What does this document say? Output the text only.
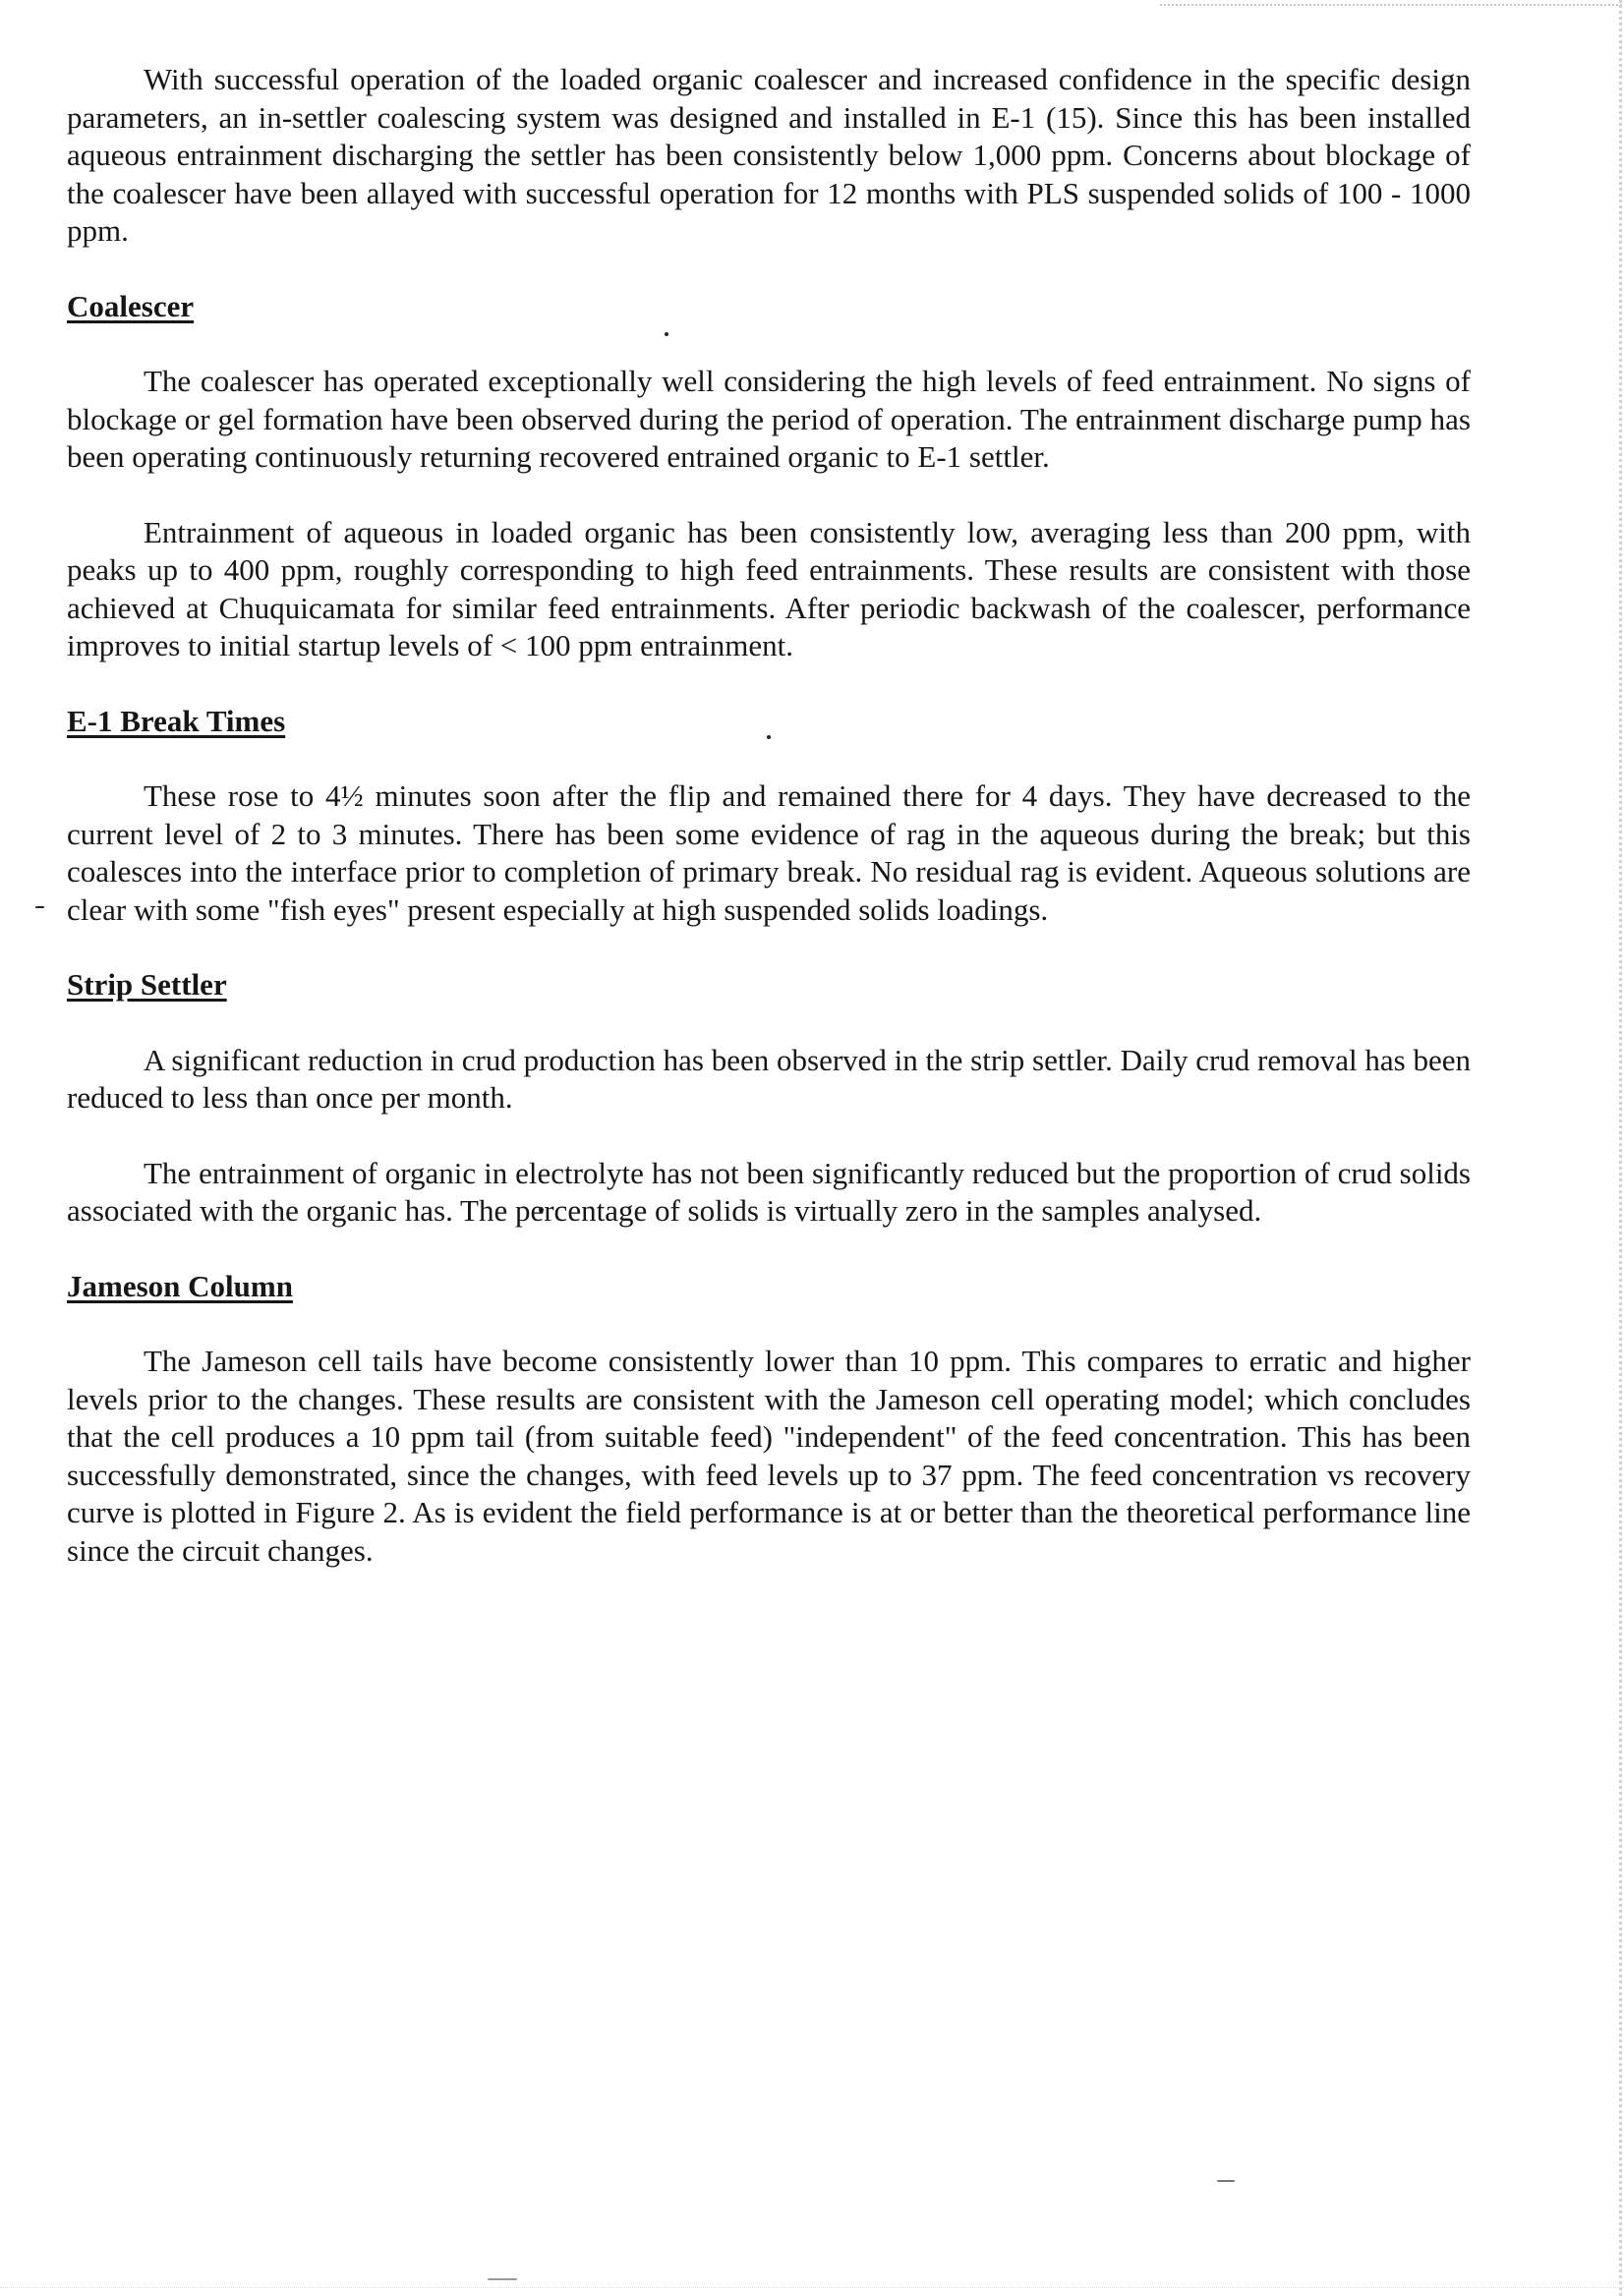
With successful operation of the loaded organic coalescer and increased confidence in the specific design parameters, an in-settler coalescing system was designed and installed in E-1 (15). Since this has been installed aqueous entrainment discharging the settler has been consistently below 1,000 ppm. Concerns about blockage of the coalescer have been allayed with successful operation for 12 months with PLS suspended solids of 100 - 1000 ppm.

Coalescer

The coalescer has operated exceptionally well considering the high levels of feed entrainment. No signs of blockage or gel formation have been observed during the period of operation. The entrainment discharge pump has been operating continuously returning recovered entrained organic to E-1 settler.

Entrainment of aqueous in loaded organic has been consistently low, averaging less than 200 ppm, with peaks up to 400 ppm, roughly corresponding to high feed entrainments. These results are consistent with those achieved at Chuquicamata for similar feed entrainments. After periodic backwash of the coalescer, performance improves to initial startup levels of < 100 ppm entrainment.

E-1 Break Times

These rose to 4½ minutes soon after the flip and remained there for 4 days. They have decreased to the current level of 2 to 3 minutes. There has been some evidence of rag in the aqueous during the break; but this coalesces into the interface prior to completion of primary break. No residual rag is evident. Aqueous solutions are clear with some "fish eyes" present especially at high suspended solids loadings.

Strip Settler

A significant reduction in crud production has been observed in the strip settler. Daily crud removal has been reduced to less than once per month.

The entrainment of organic in electrolyte has not been significantly reduced but the proportion of crud solids associated with the organic has. The percentage of solids is virtually zero in the samples analysed.

Jameson Column

The Jameson cell tails have become consistently lower than 10 ppm. This compares to erratic and higher levels prior to the changes. These results are consistent with the Jameson cell operating model; which concludes that the cell produces a 10 ppm tail (from suitable feed) "independent" of the feed concentration. This has been successfully demonstrated, since the changes, with feed levels up to 37 ppm. The feed concentration vs recovery curve is plotted in Figure 2. As is evident the field performance is at or better than the theoretical performance line since the circuit changes.
